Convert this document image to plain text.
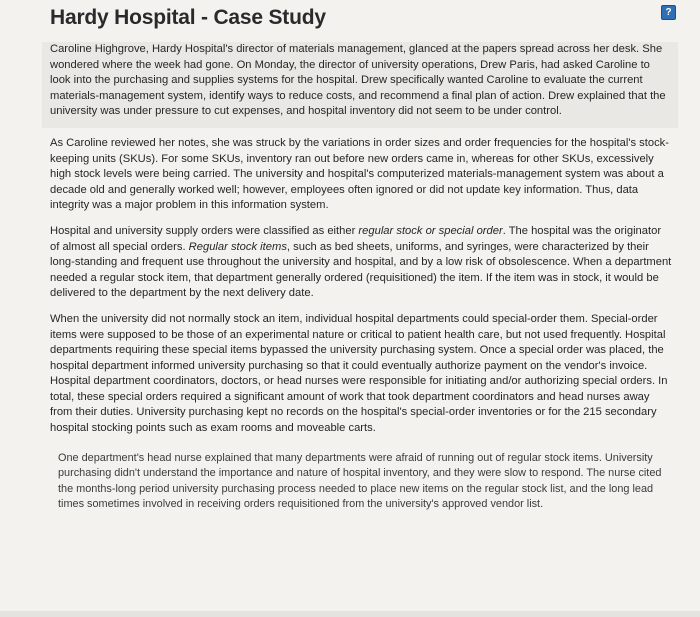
Hardy Hospital - Case Study	?

Caroline Highgrove, Hardy Hospital's director of materials management, glanced at the papers spread across her desk. She wondered where the week had gone. On Monday, the director of university operations, Drew Paris, had asked Caroline to look into the purchasing and supplies systems for the hospital. Drew specifically wanted Caroline to evaluate the current materials-management system, identify ways to reduce costs, and recommend a final plan of action. Drew explained that the university was under pressure to cut expenses, and hospital inventory did not seem to be under control.

As Caroline reviewed her notes, she was struck by the variations in order sizes and order frequencies for the hospital's stock-keeping units (SKUs). For some SKUs, inventory ran out before new orders came in, whereas for other SKUs, excessively high stock levels were being carried. The university and hospital's computerized materials-management system was about a decade old and generally worked well; however, employees often ignored or did not update key information. Thus, data integrity was a major problem in this information system.

Hospital and university supply orders were classified as either regular stock or special order. The hospital was the originator of almost all special orders. Regular stock items, such as bed sheets, uniforms, and syringes, were characterized by their long-standing and frequent use throughout the university and hospital, and by a low risk of obsolescence. When a department needed a regular stock item, that department generally ordered (requisitioned) the item. If the item was in stock, it would be delivered to the department by the next delivery date.

When the university did not normally stock an item, individual hospital departments could special-order them. Special-order items were supposed to be those of an experimental nature or critical to patient health care, but not used frequently. Hospital departments requiring these special items bypassed the university purchasing system. Once a special order was placed, the hospital department informed university purchasing so that it could eventually authorize payment on the vendor's invoice. Hospital department coordinators, doctors, or head nurses were responsible for initiating and/or authorizing special orders. In total, these special orders required a significant amount of work that took department coordinators and head nurses away from their duties. University purchasing kept no records on the hospital's special-order inventories or for the 215 secondary hospital stocking points such as exam rooms and moveable carts.

One department's head nurse explained that many departments were afraid of running out of regular stock items. University purchasing didn't understand the importance and nature of hospital inventory, and they were slow to respond. The nurse cited the months-long period university purchasing process needed to place new items on the regular stock list, and the long lead times sometimes involved in receiving orders requisitioned from the university's approved vendor list.
